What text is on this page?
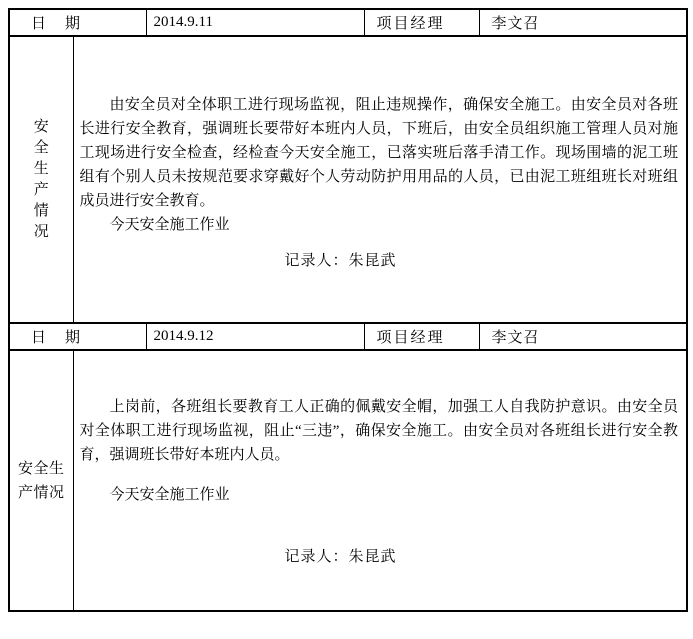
日　期		2014.9.11	项目经理	李文召

安
全
生
产
情
况

由安全员对全体职工进行现场监视，阻止违规操作，确保安全施工。由安全员对各班长进行安全教育，强调班长要带好本班内人员，下班后，由安全员组织施工管理人员对施工现场进行安全检查，经检查今天安全施工，已落实班后落手清工作。现场围墙的泥工班组有个别人员未按规范要求穿戴好个人劳动防护用用品的人员，已由泥工班组班长对班组成员进行安全教育。

今天安全施工作业

记录人：朱昆武

日　期		2014.9.12	项目经理	李文召

安全生
产情况

上岗前，各班组长要教育工人正确的佩戴安全帽，加强工人自我防护意识。由安全员对全体职工进行现场监视，阻止“三违”，确保安全施工。由安全员对各班组长进行安全教育，强调班长带好本班内人员。

今天安全施工作业

记录人：朱昆武
